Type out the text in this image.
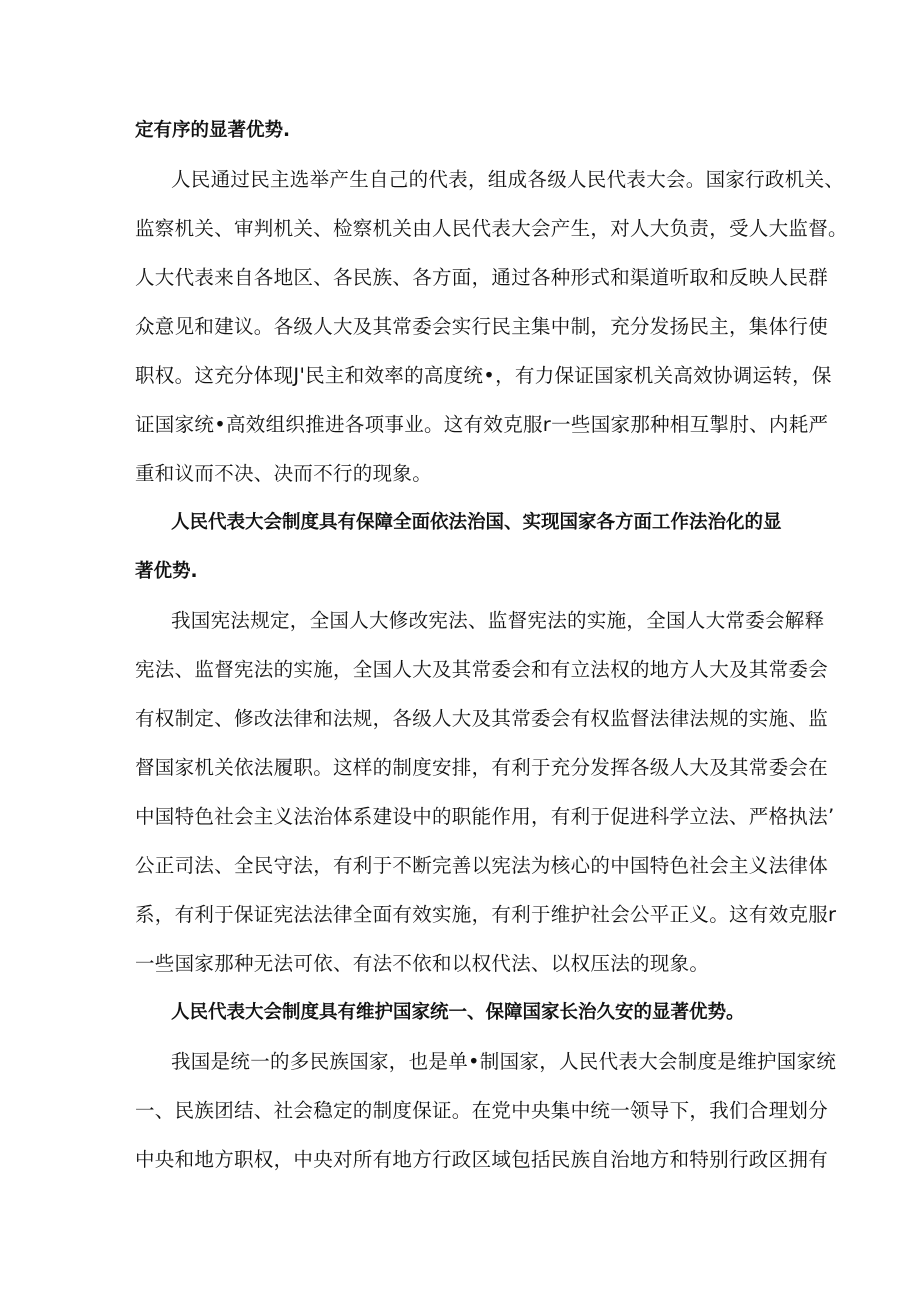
定有序的显著优势.
人民通过民主选举产生自己的代表，组成各级人民代表大会。国家行政机关、
监察机关、审判机关、检察机关由人民代表大会产生，对人大负责，受人大监督。
人大代表来自各地区、各民族、各方面，通过各种形式和渠道听取和反映人民群
众意见和建议。各级人大及其常委会实行民主集中制，充分发扬民主，集体行使
职权。这充分体现J'民主和效率的高度统•，有力保证国家机关高效协调运转，保
证国家统•高效组织推进各项事业。这有效克服r一些国家那种相互掣肘、内耗严
重和议而不决、决而不行的现象。
人民代表大会制度具有保障全面依法治国、实现国家各方面工作法治化的显
著优势.
我国宪法规定，全国人大修改宪法、监督宪法的实施，全国人大常委会解释
宪法、监督宪法的实施，全国人大及其常委会和有立法权的地方人大及其常委会
有权制定、修改法律和法规，各级人大及其常委会有权监督法律法规的实施、监
督国家机关依法履职。这样的制度安排，有利于充分发挥各级人大及其常委会在
中国特色社会主义法治体系建设中的职能作用，有利于促进科学立法、严格执法’
公正司法、全民守法，有利于不断完善以宪法为核心的中国特色社会主义法律体
系，有利于保证宪法法律全面有效实施，有利于维护社会公平正义。这有效克服r
一些国家那种无法可依、有法不依和以权代法、以权压法的现象。
人民代表大会制度具有维护国家统一、保障国家长治久安的显著优势。
我国是统一的多民族国家，也是单•制国家，人民代表大会制度是维护国家统
一、民族团结、社会稳定的制度保证。在党中央集中统一领导下，我们合理划分
中央和地方职权，中央对所有地方行政区域包括民族自治地方和特别行政区拥有
